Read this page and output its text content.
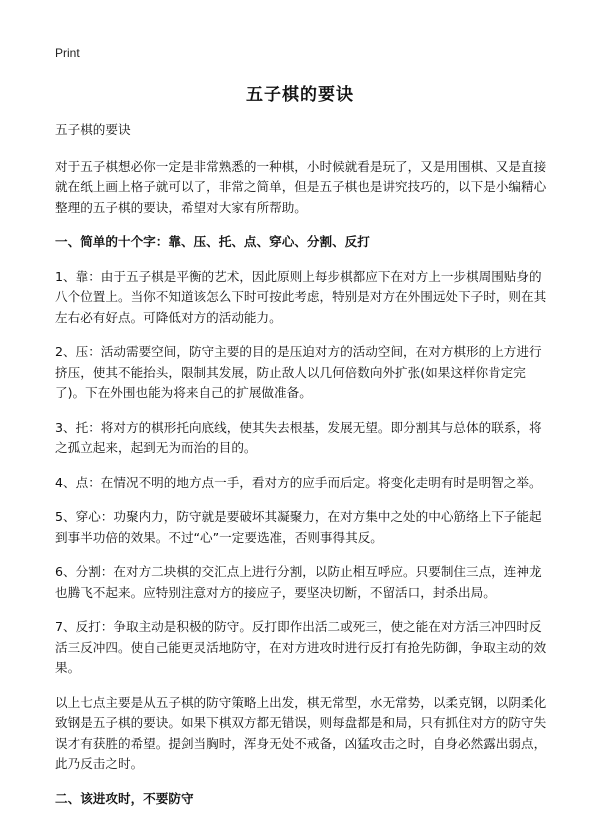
Print
五子棋的要诀

五子棋的要诀

对于五子棋想必你一定是非常熟悉的一种棋，小时候就看是玩了，又是用围棋、又是直接就在纸上画上格子就可以了，非常之简单，但是五子棋也是讲究技巧的，以下是小编精心整理的五子棋的要诀，希望对大家有所帮助。

一、简单的十个字：靠、压、托、点、穿心、分割、反打

1、靠：由于五子棋是平衡的艺术，因此原则上每步棋都应下在对方上一步棋周围贴身的八个位置上。当你不知道该怎么下时可按此考虑，特别是对方在外围远处下子时，则在其左右必有好点。可降低对方的活动能力。

2、压：活动需要空间，防守主要的目的是压迫对方的活动空间，在对方棋形的上方进行挤压，使其不能抬头，限制其发展，防止敌人以几何倍数向外扩张(如果这样你肯定完了)。下在外围也能为将来自己的扩展做准备。

3、托：将对方的棋形托向底线，使其失去根基，发展无望。即分割其与总体的联系，将之孤立起来，起到无为而治的目的。

4、点：在情况不明的地方点一手，看对方的应手而后定。将变化走明有时是明智之举。

5、穿心：功聚内力，防守就是要破坏其凝聚力，在对方集中之处的中心筋络上下子能起到事半功倍的效果。不过“心”一定要选准，否则事得其反。

6、分割：在对方二块棋的交汇点上进行分割，以防止相互呼应。只要制住三点，连神龙也腾飞不起来。应特别注意对方的接应子，要坚决切断，不留活口，封杀出局。

7、反打：争取主动是积极的防守。反打即作出活二或死三，使之能在对方活三冲四时反活三反冲四。使自己能更灵活地防守，在对方进攻时进行反打有抢先防御，争取主动的效果。

以上七点主要是从五子棋的防守策略上出发，棋无常型，水无常势，以柔克钢，以阴柔化致钢是五子棋的要诀。如果下棋双方都无错误，则每盘都是和局，只有抓住对方的防守失误才有获胜的希望。提剑当胸时，浑身无处不戒备，凶猛攻击之时，自身必然露出弱点，此乃反击之时。

二、该进攻时，不要防守
